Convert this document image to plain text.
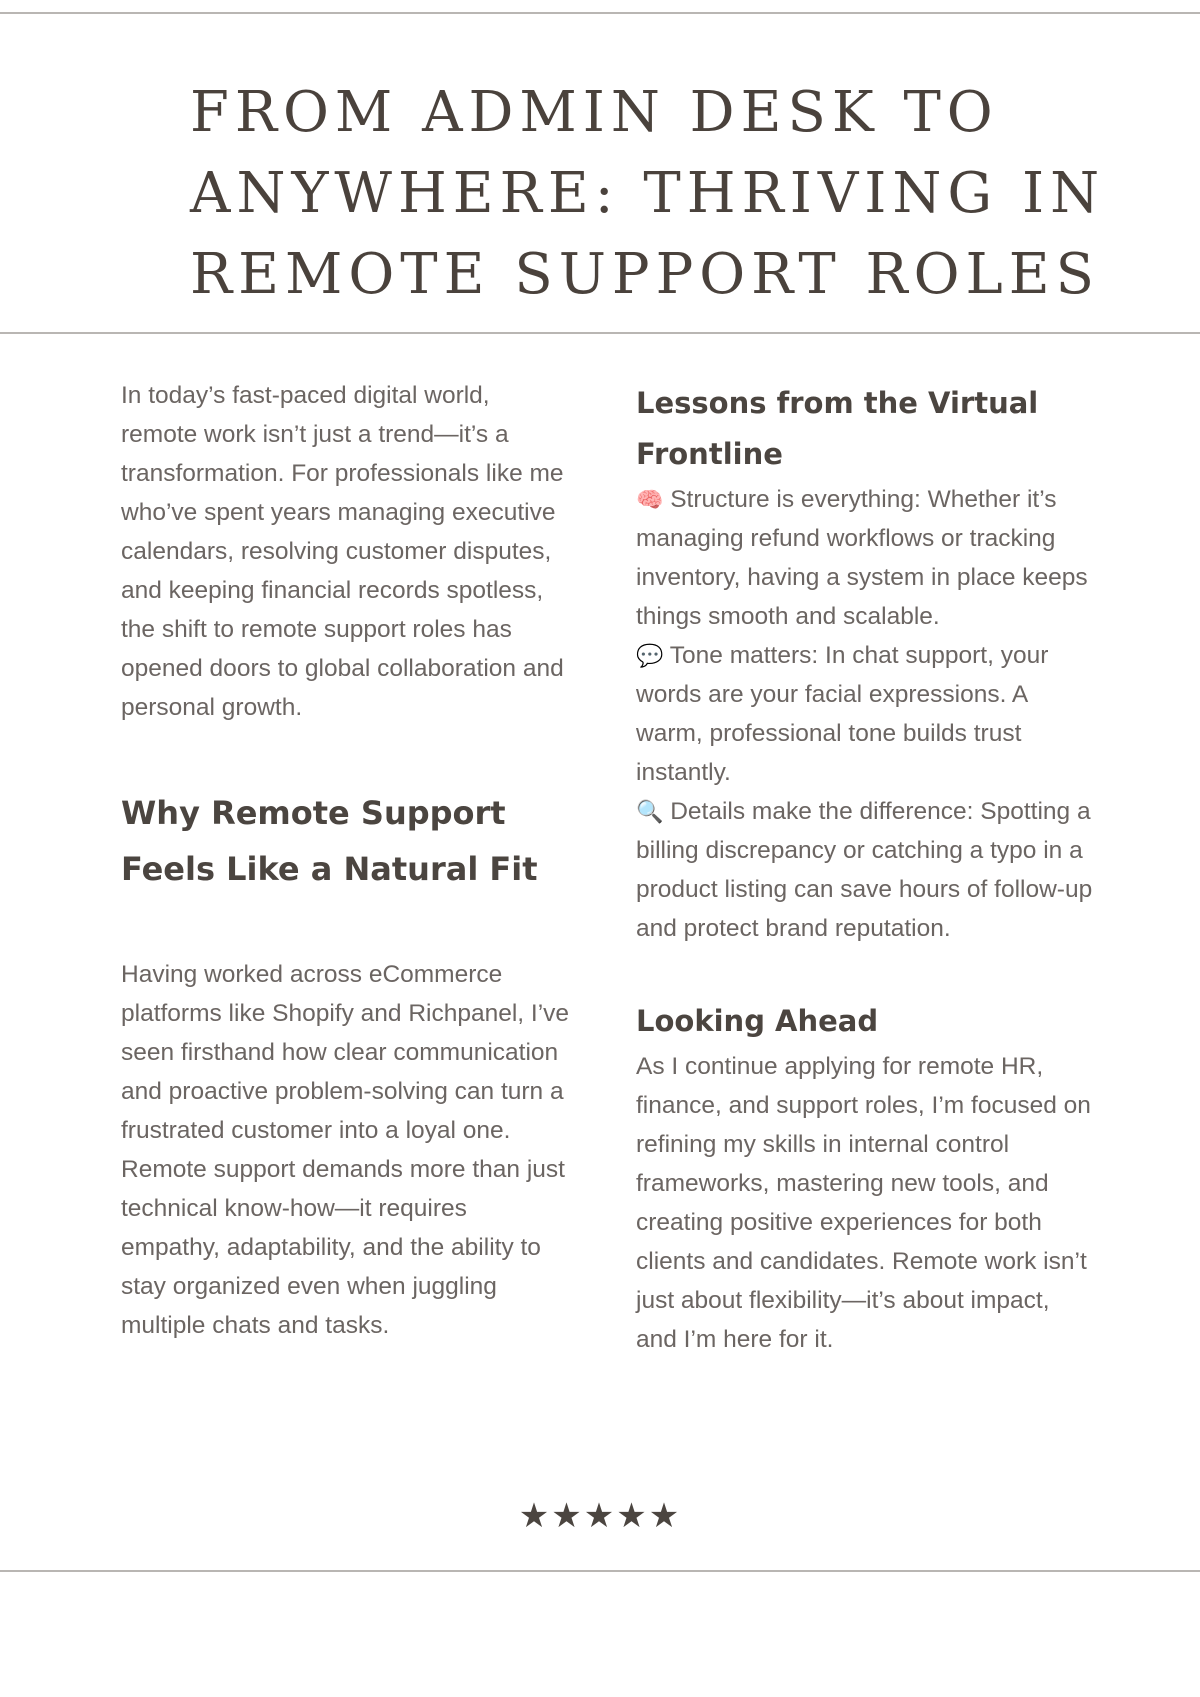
FROM ADMIN DESK TO ANYWHERE: THRIVING IN REMOTE SUPPORT ROLES

In today’s fast-paced digital world, remote work isn’t just a trend—it’s a transformation. For professionals like me who’ve spent years managing executive calendars, resolving customer disputes, and keeping financial records spotless, the shift to remote support roles has opened doors to global collaboration and personal growth.

Why Remote Support Feels Like a Natural Fit

Having worked across eCommerce platforms like Shopify and Richpanel, I’ve seen firsthand how clear communication and proactive problem-solving can turn a frustrated customer into a loyal one. Remote support demands more than just technical know-how—it requires empathy, adaptability, and the ability to stay organized even when juggling multiple chats and tasks.

Lessons from the Virtual Frontline

🧠 Structure is everything: Whether it’s managing refund workflows or tracking inventory, having a system in place keeps things smooth and scalable.

💬 Tone matters: In chat support, your words are your facial expressions. A warm, professional tone builds trust instantly.

🔍 Details make the difference: Spotting a billing discrepancy or catching a typo in a product listing can save hours of follow-up and protect brand reputation.

Looking Ahead

As I continue applying for remote HR, finance, and support roles, I’m focused on refining my skills in internal control frameworks, mastering new tools, and creating positive experiences for both clients and candidates. Remote work isn’t just about flexibility—it’s about impact, and I’m here for it.

★★★★★
